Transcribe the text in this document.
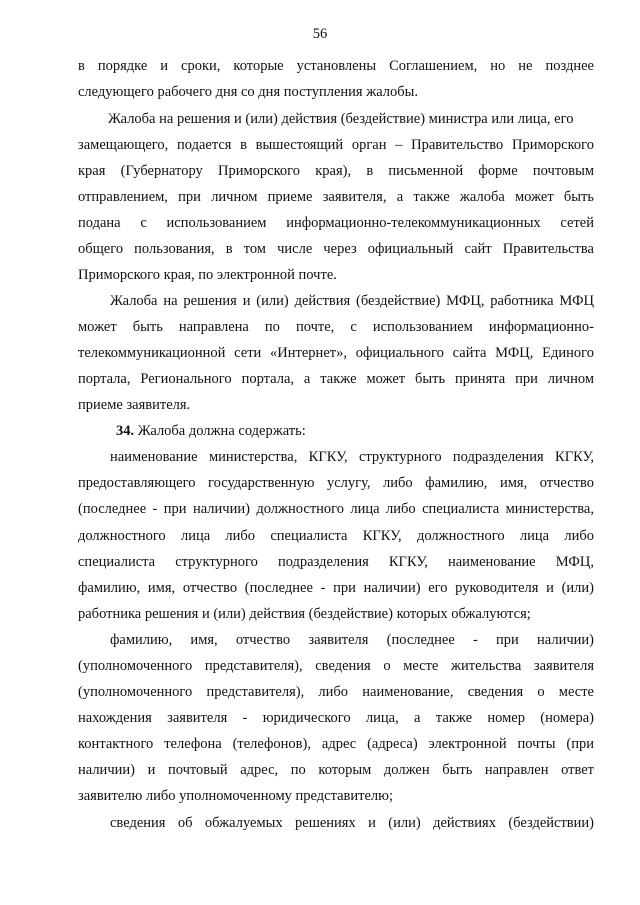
56
в порядке и сроки, которые установлены Соглашением, но не позднее
следующего рабочего дня со дня поступления жалобы.
Жалоба на решения и (или) действия (бездействие) министра или лица, его
замещающего, подается в вышестоящий орган – Правительство Приморского
края (Губернатору Приморского края), в письменной форме почтовым
отправлением, при личном приеме заявителя, а также жалоба может быть
подана с использованием информационно-телекоммуникационных сетей
общего пользования, в том числе через официальный сайт Правительства
Приморского края, по электронной почте.
Жалоба на решения и (или) действия (бездействие) МФЦ, работника МФЦ
может быть направлена по почте, с использованием информационно-
телекоммуникационной сети «Интернет», официального сайта МФЦ, Единого
портала, Регионального портала, а также может быть принята при личном
приеме заявителя.
34. Жалоба должна содержать:
наименование министерства, КГКУ, структурного подразделения КГКУ,
предоставляющего государственную услугу, либо фамилию, имя, отчество
(последнее - при наличии) должностного лица либо специалиста министерства,
должностного лица либо специалиста КГКУ, должностного лица либо
специалиста структурного подразделения КГКУ, наименование МФЦ,
фамилию, имя, отчество (последнее - при наличии) его руководителя и (или)
работника решения и (или) действия (бездействие) которых обжалуются;
фамилию, имя, отчество заявителя (последнее - при наличии)
(уполномоченного представителя), сведения о месте жительства заявителя
(уполномоченного представителя), либо наименование, сведения о месте
нахождения заявителя - юридического лица, а также номер (номера)
контактного телефона (телефонов), адрес (адреса) электронной почты (при
наличии) и почтовый адрес, по которым должен быть направлен ответ
заявителю либо уполномоченному представителю;
сведения об обжалуемых решениях и (или) действиях (бездействии)
